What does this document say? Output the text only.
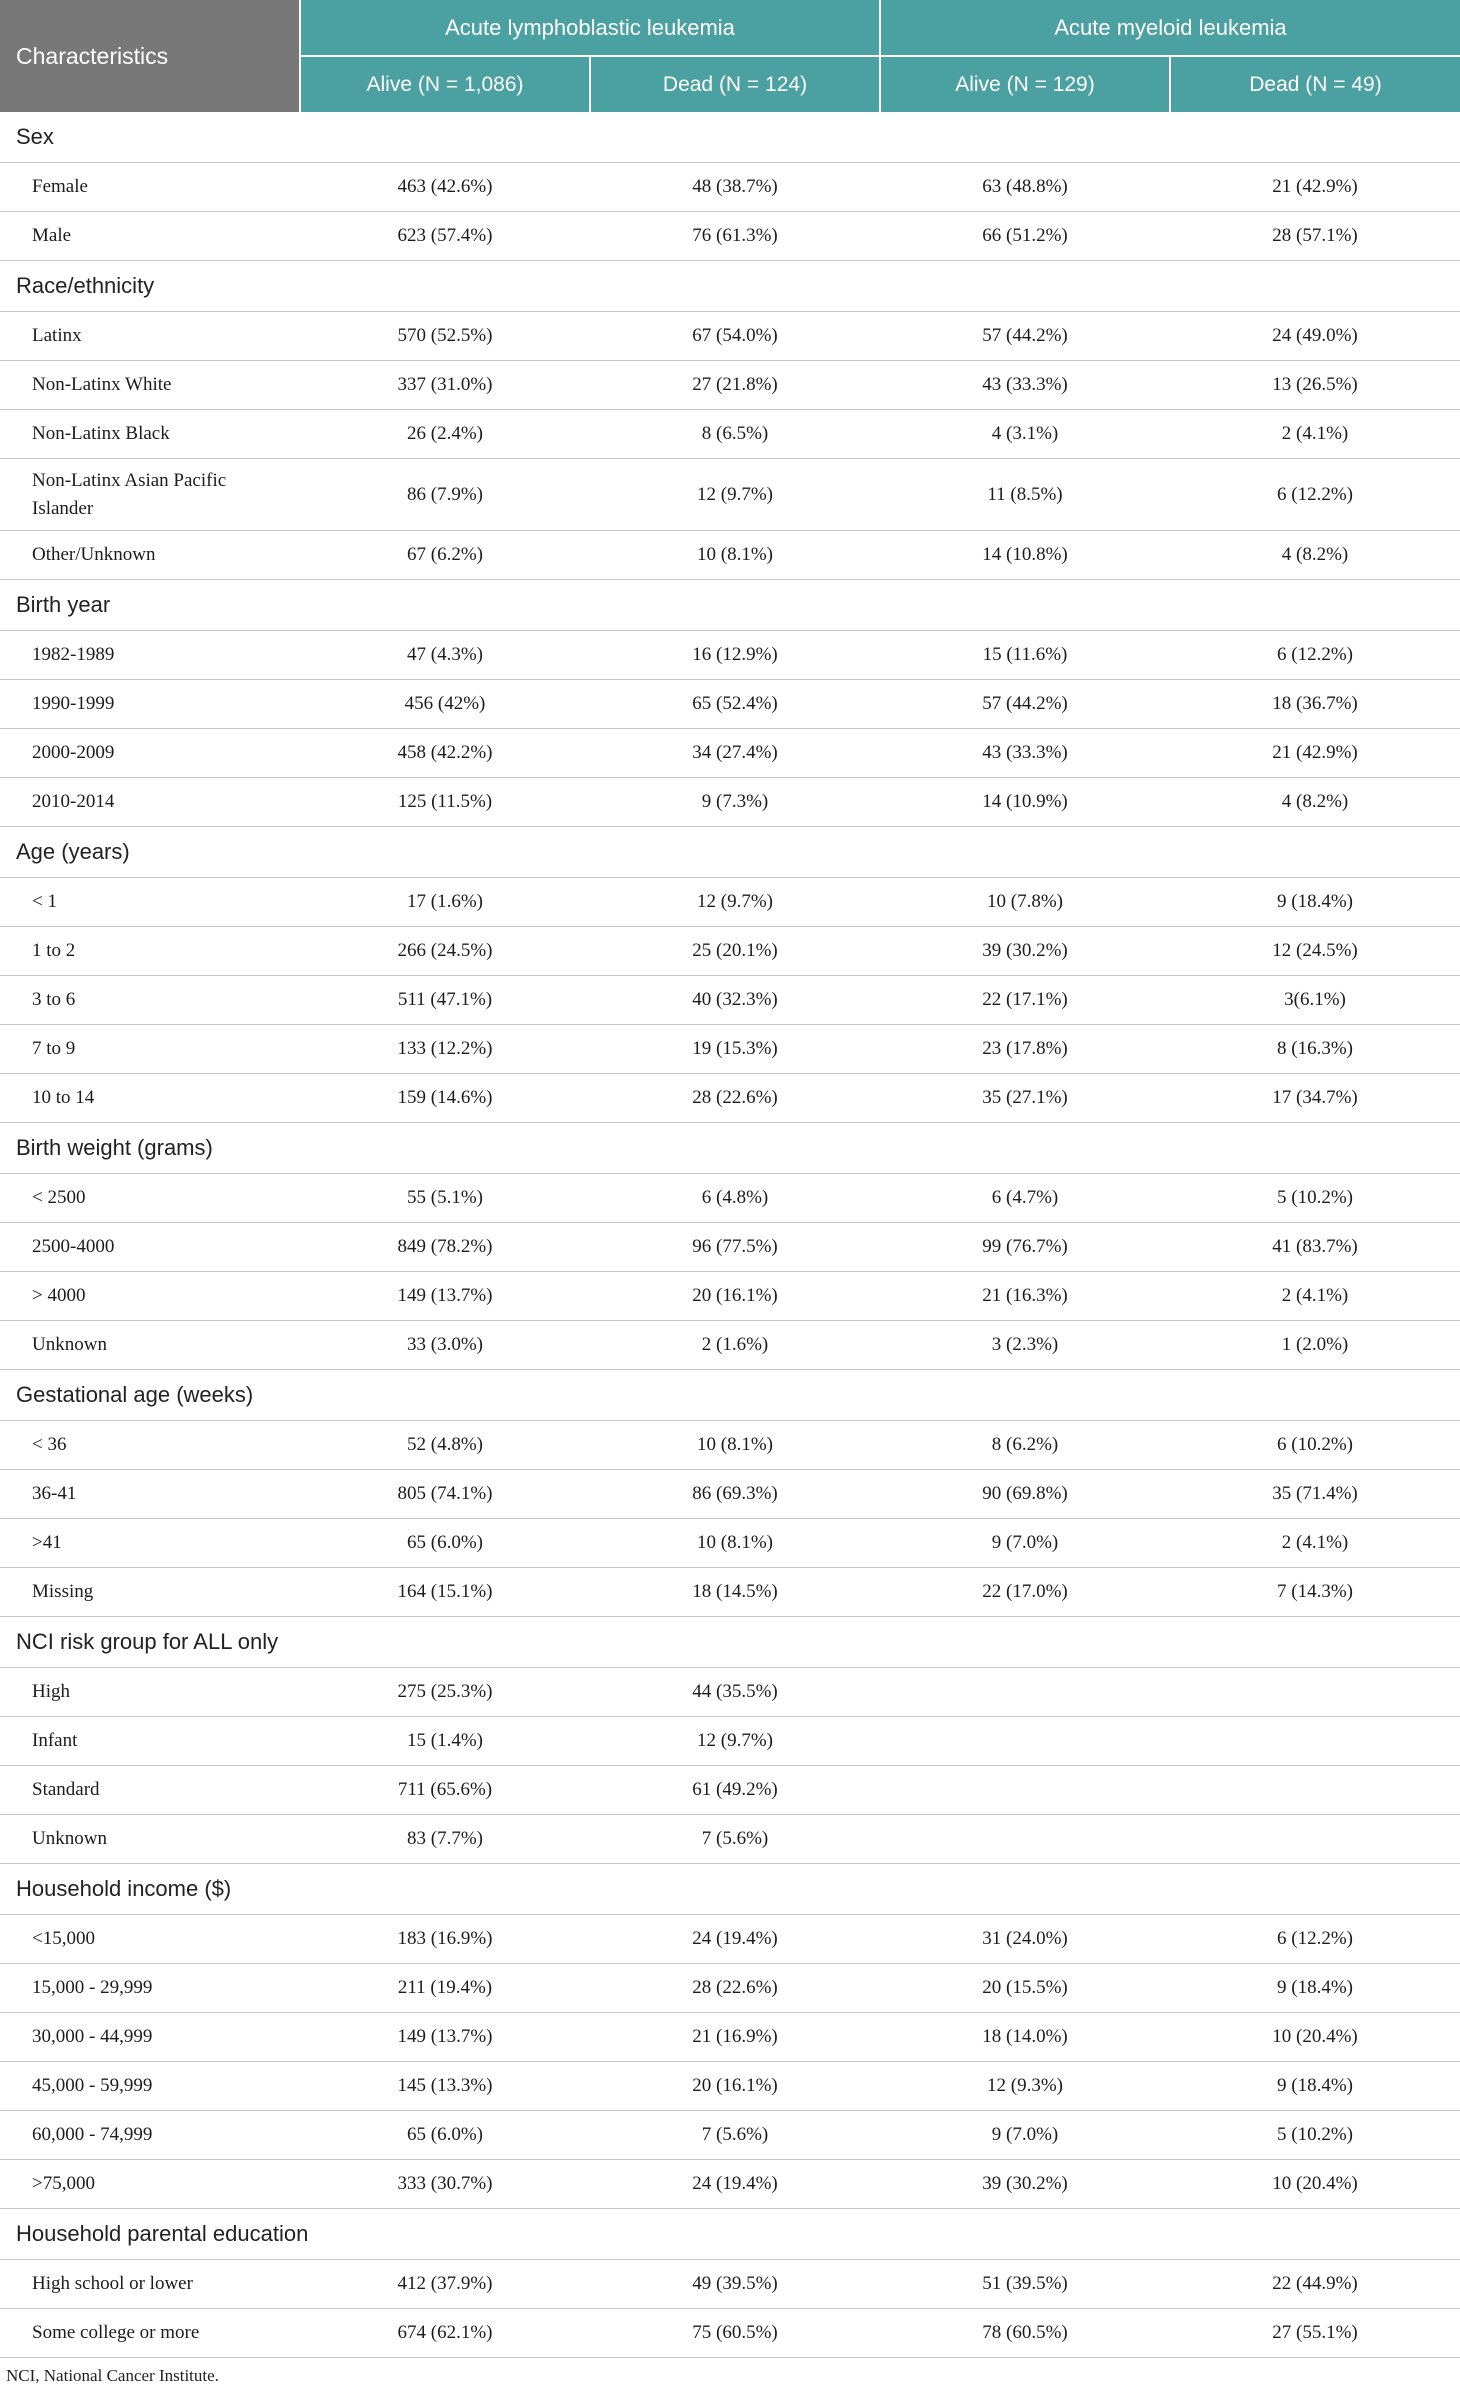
Characteristics	Acute lymphoblastic leukemia		Acute myeloid leukemia	
	Alive (N = 1,086)	Dead (N = 124)	Alive (N = 129)	Dead (N = 49)
Sex				
Female	463 (42.6%)	48 (38.7%)	63 (48.8%)	21 (42.9%)
Male	623 (57.4%)	76 (61.3%)	66 (51.2%)	28 (57.1%)
Race/ethnicity				
Latinx	570 (52.5%)	67 (54.0%)	57 (44.2%)	24 (49.0%)
Non-Latinx White	337 (31.0%)	27 (21.8%)	43 (33.3%)	13 (26.5%)
Non-Latinx Black	26 (2.4%)	8 (6.5%)	4 (3.1%)	2 (4.1%)
Non-Latinx Asian Pacific Islander	86 (7.9%)	12 (9.7%)	11 (8.5%)	6 (12.2%)
Other/Unknown	67 (6.2%)	10 (8.1%)	14 (10.8%)	4 (8.2%)
Birth year				
1982-1989	47 (4.3%)	16 (12.9%)	15 (11.6%)	6 (12.2%)
1990-1999	456 (42%)	65 (52.4%)	57 (44.2%)	18 (36.7%)
2000-2009	458 (42.2%)	34 (27.4%)	43 (33.3%)	21 (42.9%)
2010-2014	125 (11.5%)	9 (7.3%)	14 (10.9%)	4 (8.2%)
Age (years)				
< 1	17 (1.6%)	12 (9.7%)	10 (7.8%)	9 (18.4%)
1 to 2	266 (24.5%)	25 (20.1%)	39 (30.2%)	12 (24.5%)
3 to 6	511 (47.1%)	40 (32.3%)	22 (17.1%)	3(6.1%)
7 to 9	133 (12.2%)	19 (15.3%)	23 (17.8%)	8 (16.3%)
10 to 14	159 (14.6%)	28 (22.6%)	35 (27.1%)	17 (34.7%)
Birth weight (grams)				
< 2500	55 (5.1%)	6 (4.8%)	6 (4.7%)	5 (10.2%)
2500-4000	849 (78.2%)	96 (77.5%)	99 (76.7%)	41 (83.7%)
> 4000	149 (13.7%)	20 (16.1%)	21 (16.3%)	2 (4.1%)
Unknown	33 (3.0%)	2 (1.6%)	3 (2.3%)	1 (2.0%)
Gestational age (weeks)				
< 36	52 (4.8%)	10 (8.1%)	8 (6.2%)	6 (10.2%)
36-41	805 (74.1%)	86 (69.3%)	90 (69.8%)	35 (71.4%)
>41	65 (6.0%)	10 (8.1%)	9 (7.0%)	2 (4.1%)
Missing	164 (15.1%)	18 (14.5%)	22 (17.0%)	7 (14.3%)
NCI risk group for ALL only				
High	275 (25.3%)	44 (35.5%)		
Infant	15 (1.4%)	12 (9.7%)		
Standard	711 (65.6%)	61 (49.2%)		
Unknown	83 (7.7%)	7 (5.6%)		
Household income ($)				
<15,000	183 (16.9%)	24 (19.4%)	31 (24.0%)	6 (12.2%)
15,000 - 29,999	211 (19.4%)	28 (22.6%)	20 (15.5%)	9 (18.4%)
30,000 - 44,999	149 (13.7%)	21 (16.9%)	18 (14.0%)	10 (20.4%)
45,000 - 59,999	145 (13.3%)	20 (16.1%)	12 (9.3%)	9 (18.4%)
60,000 - 74,999	65 (6.0%)	7 (5.6%)	9 (7.0%)	5 (10.2%)
>75,000	333 (30.7%)	24 (19.4%)	39 (30.2%)	10 (20.4%)
Household parental education				
High school or lower	412 (37.9%)	49 (39.5%)	51 (39.5%)	22 (44.9%)
Some college or more	674 (62.1%)	75 (60.5%)	78 (60.5%)	27 (55.1%)
NCI, National Cancer Institute.
